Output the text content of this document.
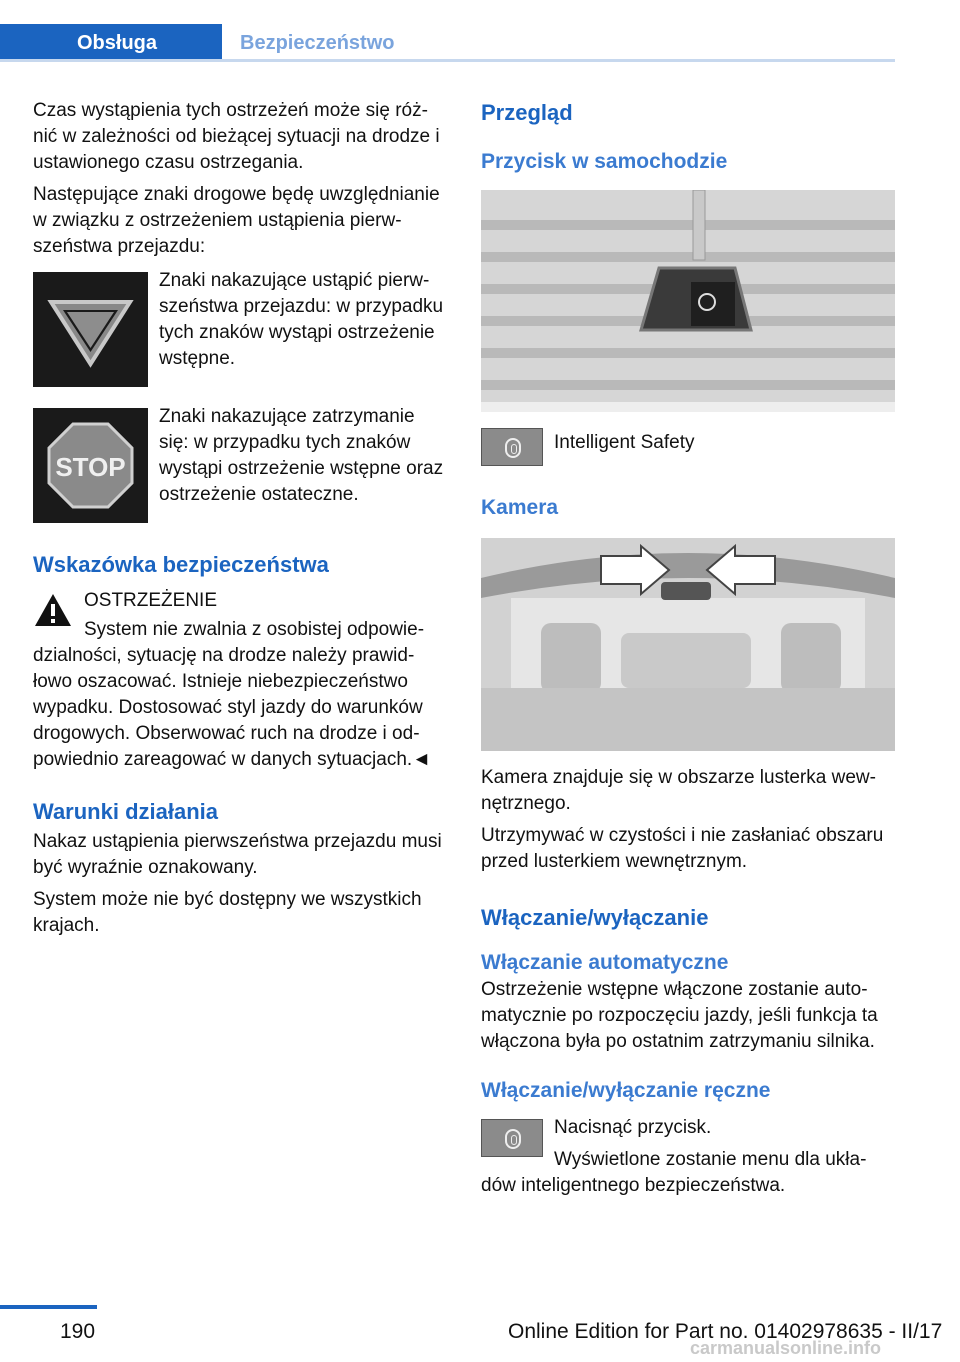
Obsługa	Bezpieczeństwo

Czas wystąpienia tych ostrzeżeń może się różnić w zależności od bieżącej sytuacji na drodze i ustawionego czasu ostrzegania.

Następujące znaki drogowe będę uwzględnianie w związku z ostrzeżeniem ustąpienia pierwszeństwa przejazdu:

Znaki nakazujące ustąpić pierwszeństwa przejazdu: w przypadku tych znaków wystąpi ostrzeżenie wstępne.

STOP

Znaki nakazujące zatrzymanie się: w przypadku tych znaków wystąpi ostrzeżenie wstępne oraz ostrzeżenie ostateczne.

Wskazówka bezpieczeństwa

OSTRZEŻENIE

System nie zwalnia z osobistej odpowie-

dzialności, sytuację na drodze należy prawidłowo oszacować. Istnieje niebezpieczeństwo wypadku. Dostosować styl jazdy do warunków drogowych. Obserwować ruch na drodze i odpowiednio zareagować w danych sytuacjach.◄

Warunki działania

Nakaz ustąpienia pierwszeństwa przejazdu musi być wyraźnie oznakowany.

System może nie być dostępny we wszystkich krajach.

Przegląd
Przycisk w samochodzie

Intelligent Safety

Kamera

Kamera znajduje się w obszarze lusterka wewnętrznego.

Utrzymywać w czystości i nie zasłaniać obszaru przed lusterkiem wewnętrznym.

Włączanie/wyłączanie
Włączanie automatyczne

Ostrzeżenie wstępne włączone zostanie automatycznie po rozpoczęciu jazdy, jeśli funkcja ta włączona była po ostatnim zatrzymaniu silnika.

Włączanie/wyłączanie ręczne

Nacisnąć przycisk.

Wyświetlone zostanie menu dla ukła-

dów inteligentnego bezpieczeństwa.

190	Online Edition for Part no. 01402978635 - II/17
carmanualsonline.info
